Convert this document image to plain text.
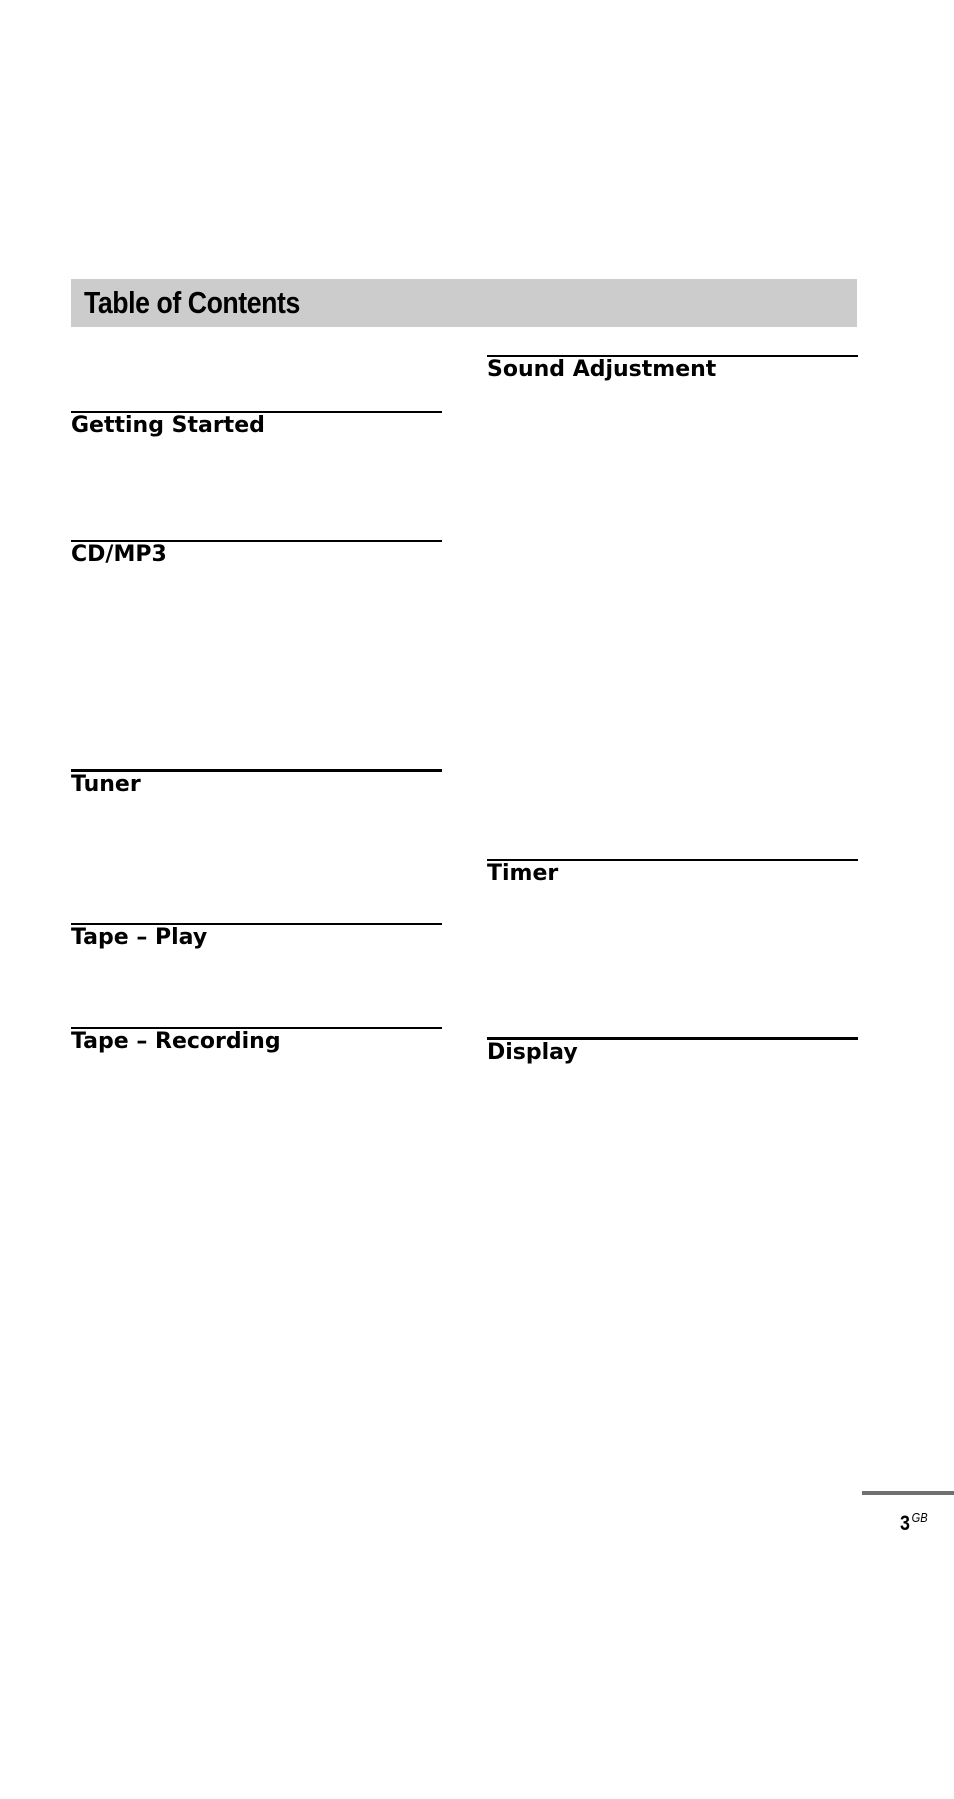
Table of Contents
Getting Started
CD/MP3
Tuner
Tape – Play
Tape – Recording
Sound Adjustment
Timer
Display
3 $^{GB}$
